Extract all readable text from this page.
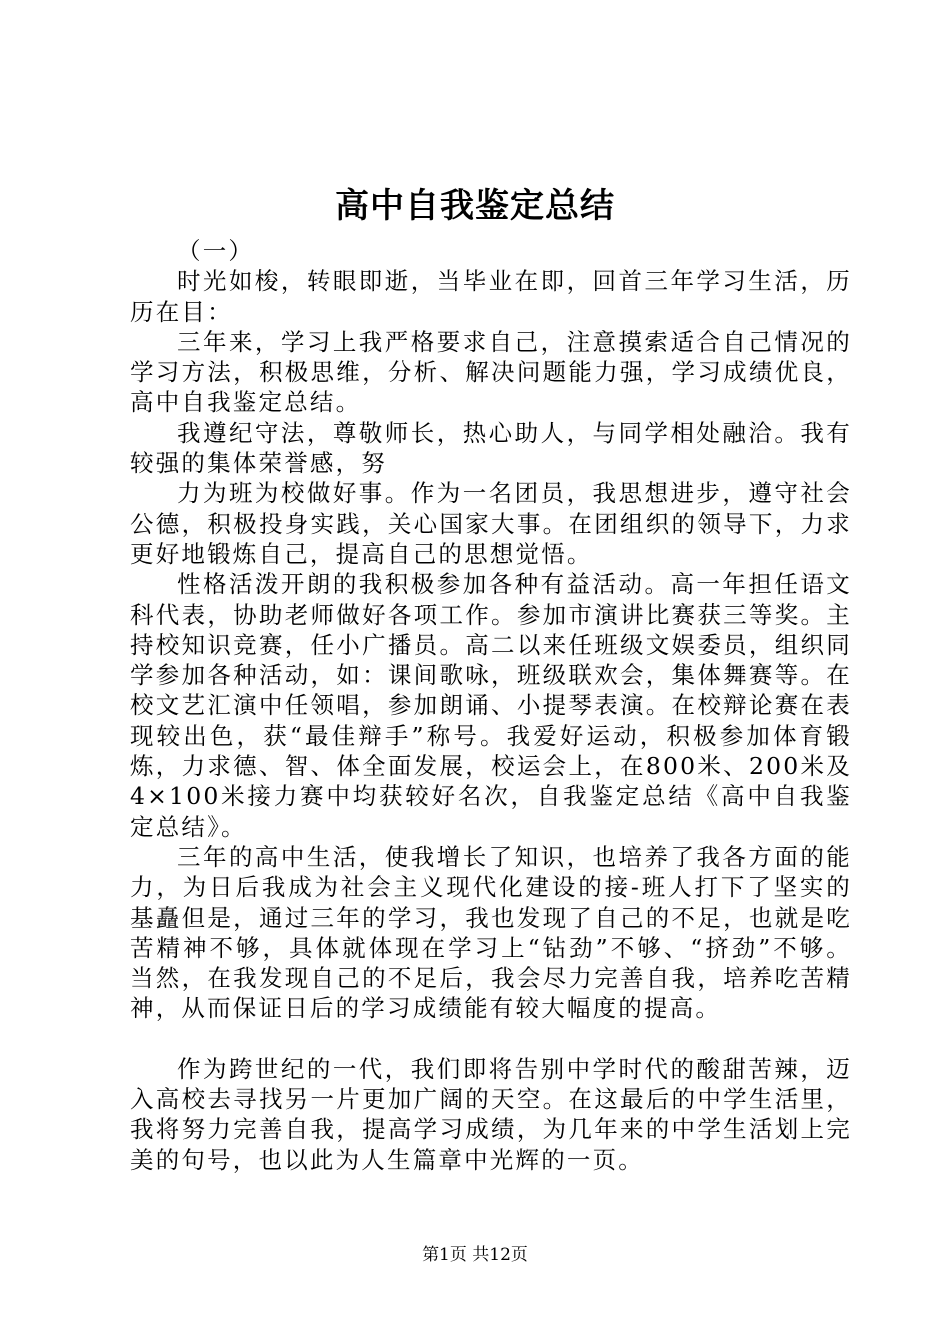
高中自我鉴定总结

（一）

时光如梭，转眼即逝，当毕业在即，回首三年学习生活，历历在目：

三年来，学习上我严格要求自己，注意摸索适合自己情况的学习方法，积极思维，分析、解决问题能力强，学习成绩优良，高中自我鉴定总结。

我遵纪守法，尊敬师长，热心助人，与同学相处融洽。我有较强的集体荣誉感，努

力为班为校做好事。作为一名团员，我思想进步，遵守社会公德，积极投身实践，关心国家大事。在团组织的领导下，力求更好地锻炼自己，提高自己的思想觉悟。

性格活泼开朗的我积极参加各种有益活动。高一年担任语文科代表，协助老师做好各项工作。参加市演讲比赛获三等奖。主持校知识竞赛，任小广播员。高二以来任班级文娱委员，组织同学参加各种活动，如：课间歌咏，班级联欢会，集体舞赛等。在校文艺汇演中任领唱，参加朗诵、小提琴表演。在校辩论赛在表现较出色，获“最佳辩手”称号。我爱好运动，积极参加体育锻炼，力求德、智、体全面发展，校运会上，在800米、200米及4×100米接力赛中均获较好名次，自我鉴定总结《高中自我鉴定总结》。

三年的高中生活，使我增长了知识，也培养了我各方面的能力，为日后我成为社会主义现代化建设的接-班人打下了坚实的基矗但是，通过三年的学习，我也发现了自己的不足，也就是吃苦精神不够，具体就体现在学习上“钻劲”不够、“挤劲”不够。当然，在我发现自己的不足后，我会尽力完善自我，培养吃苦精神，从而保证日后的学习成绩能有较大幅度的提高。

作为跨世纪的一代，我们即将告别中学时代的酸甜苦辣，迈入高校去寻找另一片更加广阔的天空。在这最后的中学生活里，我将努力完善自我，提高学习成绩，为几年来的中学生活划上完美的句号，也以此为人生篇章中光辉的一页。

第1页 共12页
